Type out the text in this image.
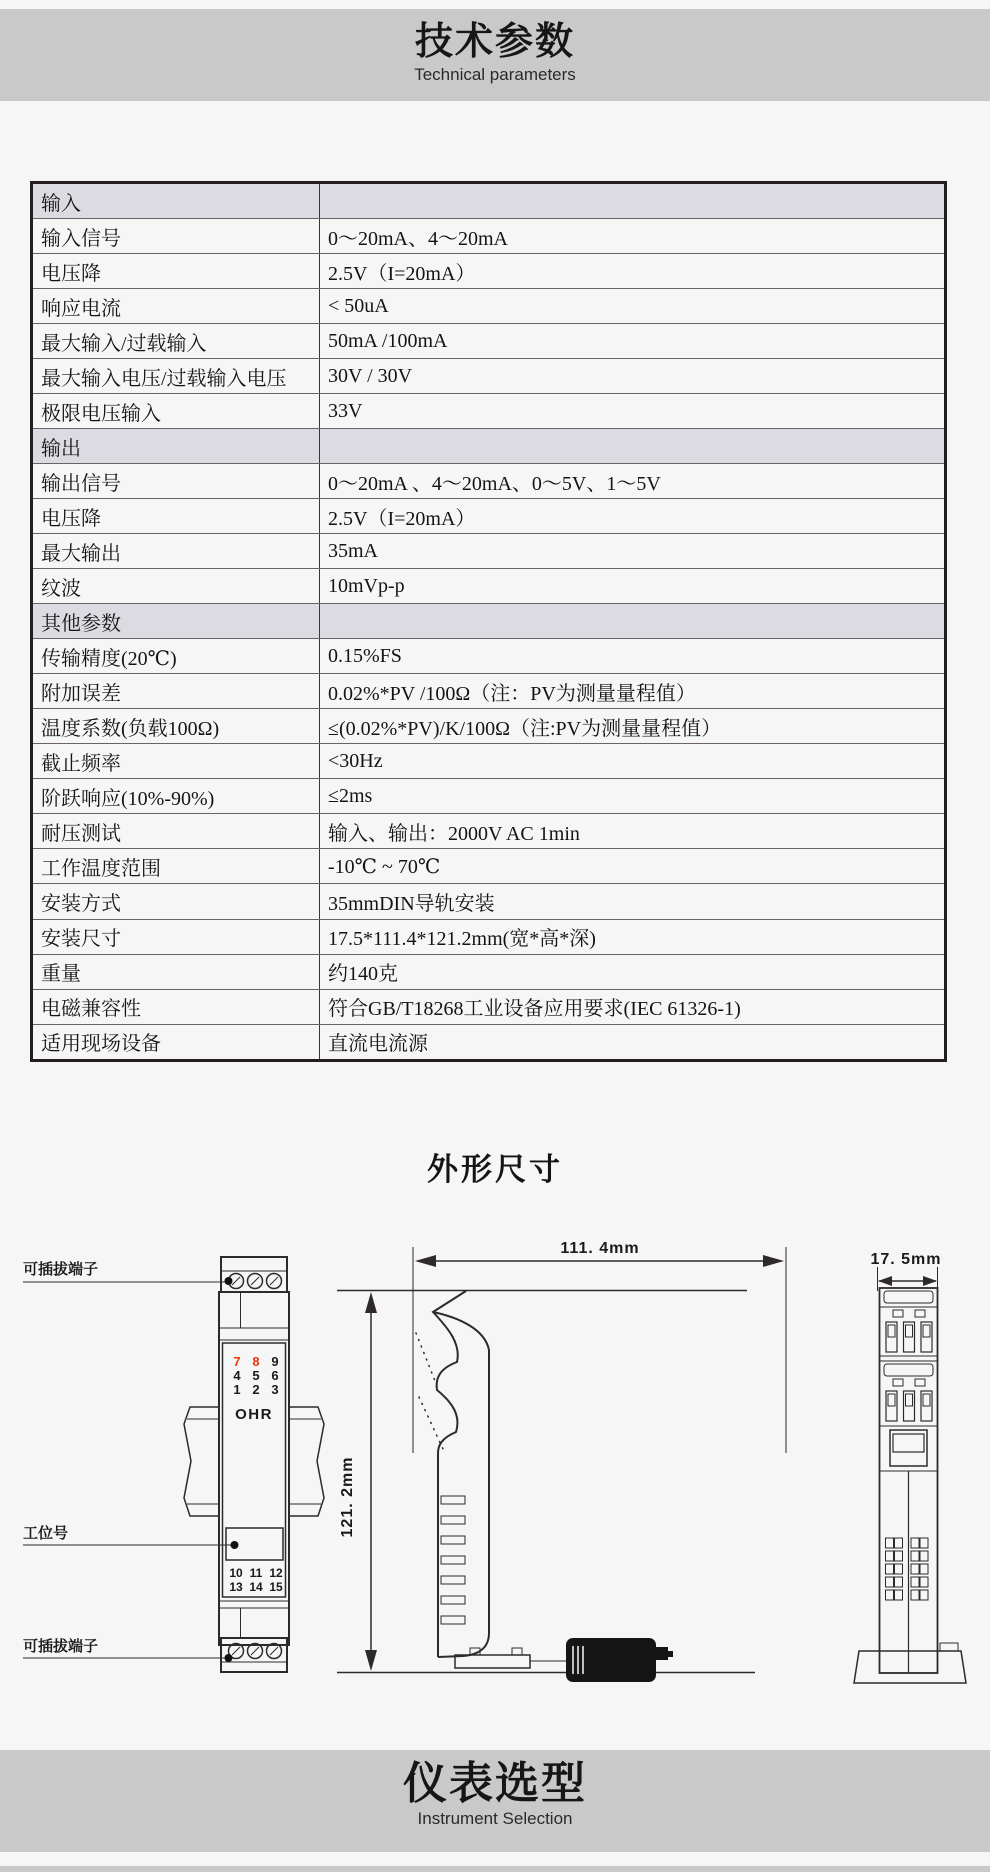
技术参数
Technical parameters
输入	
输入信号	0～20mA、4～20mA
电压降	2.5V（I=20mA）
响应电流	< 50uA
最大输入/过载输入	50mA /100mA
最大输入电压/过载输入电压	30V / 30V
极限电压输入	33V
输出	
输出信号	0～20mA 、4～20mA、0～5V、1～5V
电压降	2.5V（I=20mA）
最大输出	35mA
纹波	10mVp-p
其他参数	
传输精度(20℃)	0.15%FS
附加误差	0.02%*PV /100Ω（注：PV为测量量程值）
温度系数(负载100Ω)	≤(0.02%*PV)/K/100Ω（注:PV为测量量程值）
截止频率	<30Hz
阶跃响应(10%-90%)	≤2ms
耐压测试	输入、输出：2000V AC 1min
工作温度范围	-10℃ ~ 70℃
安装方式	35mmDIN导轨安装
安装尺寸	17.5*111.4*121.2mm(宽*高*深)
重量	约140克
电磁兼容性	符合GB/T18268工业设备应用要求(IEC 61326-1)
适用现场设备	直流电流源
外形尺寸
可插拔端子
工位号
可插拔端子
7 8 9
4 5 6
1 2 3
OHR
10 11 12
13 14 15
111. 4mm
121. 2mm
17. 5mm
仪表选型
Instrument Selection
